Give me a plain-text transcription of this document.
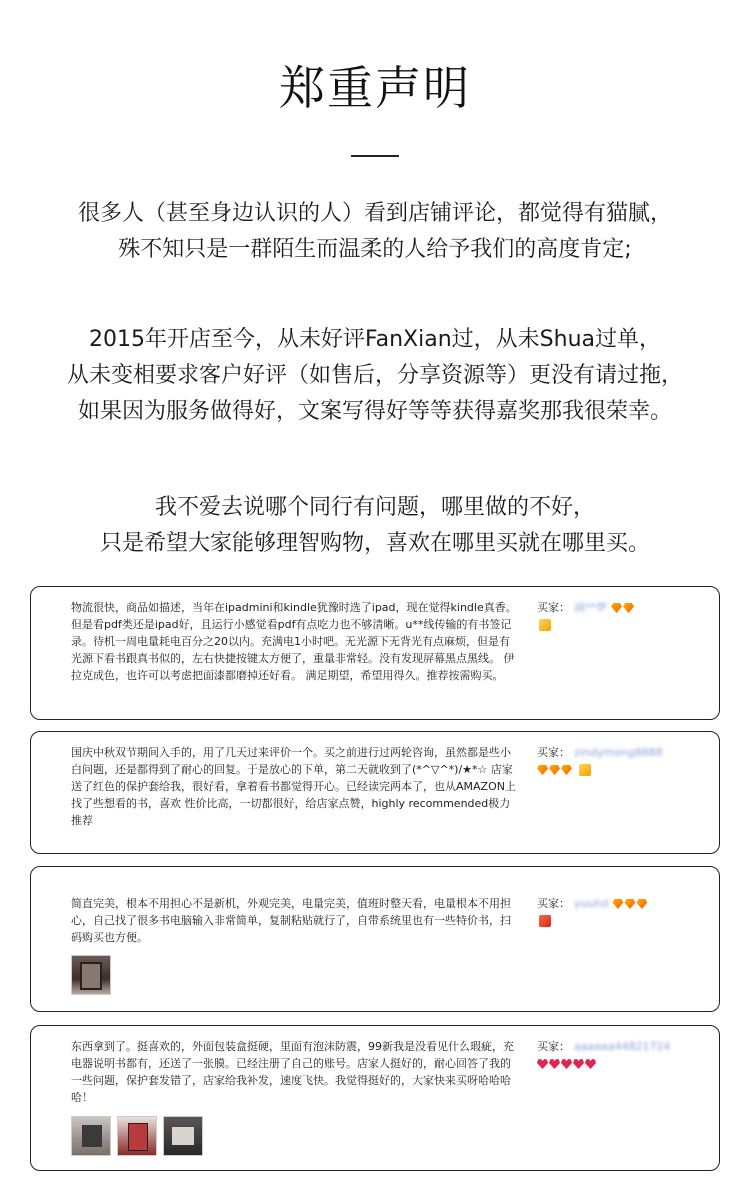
郑重声明
很多人（甚至身边认识的人）看到店铺评论，都觉得有猫腻，
殊不知只是一群陌生而温柔的人给予我们的高度肯定;
2015年开店至今，从未好评FanXian过，从未Shua过单，
从未变相要求客户好评（如售后，分享资源等）更没有请过拖，
如果因为服务做得好，文案写得好等等获得嘉奖那我很荣幸。
我不爱去说哪个同行有问题，哪里做的不好，
只是希望大家能够理智购物，喜欢在哪里买就在哪里买。
物流很快，商品如描述，当年在ipadmini和kindle犹豫时选了ipad，现在觉得kindle真香。但是看pdf类还是ipad好，且运行小感觉看pdf有点吃力也不够清晰。u**线传输的有书签记录。待机一周电量耗电百分之20以内。充满电1小时吧。无光源下无背光有点麻烦，但是有光源下看书跟真书似的，左右快捷按键太方便了，重量非常轻。没有发现屏幕黑点黑线。 伊拉克成色，也许可以考虑把面漆都磨掉还好看。 满足期望，希望用得久。推荐按需购买。
买家： 涵**梦

国庆中秋双节期间入手的，用了几天过来评价一个。买之前进行过两轮咨询，虽然都是些小白问题，还是都得到了耐心的回复。于是放心的下单，第二天就收到了(*^▽^*)/★*☆ 店家送了红色的保护套给我，很好看，拿着看书都觉得开心。已经读完两本了，也从AMAZON上找了些想看的书，喜欢 性价比高，一切都很好，给店家点赞，highly recommended极力推荐
买家： zindymong8888

简直完美，根本不用担心不是新机，外观完美，电量完美，值班时整天看，电量根本不用担心，自己找了很多书电脑输入非常简单，复制粘贴就行了，自带系统里也有一些特价书，扫码购买也方便。
买家： yuuhd

东西拿到了。挺喜欢的，外面包装盒挺硬，里面有泡沫防震，99新我是没看见什么瑕疵，充电器说明书都有，还送了一张膜。已经注册了自己的账号。店家人挺好的，耐心回答了我的一些问题，保护套发错了，店家给我补发，速度飞快。我觉得挺好的，大家快来买呀哈哈哈哈！
买家： aaaaaa44821724
